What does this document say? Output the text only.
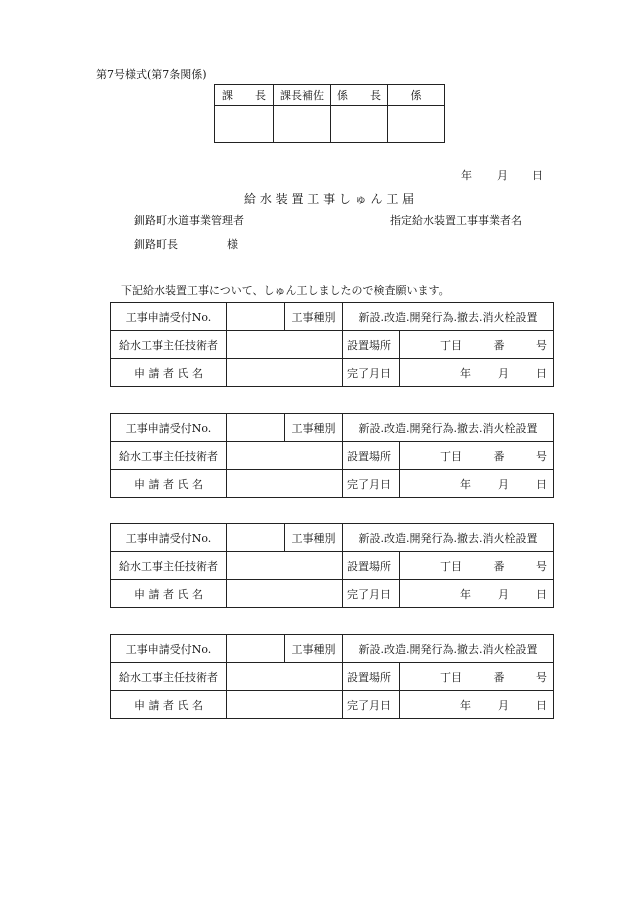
第7号様式(第7条関係)
課　　長	課長補佐	係　　長	係

年 月 日
給 水 装 置 工 事 し ゅ ん 工 届
釧路町水道事業管理者	指定給水装置工事事業者名
釧路町長	様
下記給水装置工事について、しゅん工しましたので検査願います。
工事申請受付No.		工事種別	新設.改造.開発行為.撤去.消火栓設置
給水工事主任技術者			設置場所 丁目 番 号

申 請 者 氏 名			完了月日 年 月 日
工事申請受付No.		工事種別	新設.改造.開発行為.撤去.消火栓設置
給水工事主任技術者			設置場所 丁目 番 号

申 請 者 氏 名			完了月日 年 月 日
工事申請受付No.		工事種別	新設.改造.開発行為.撤去.消火栓設置
給水工事主任技術者			設置場所 丁目 番 号

申 請 者 氏 名			完了月日 年 月 日
工事申請受付No.		工事種別	新設.改造.開発行為.撤去.消火栓設置
給水工事主任技術者			設置場所 丁目 番 号

申 請 者 氏 名			完了月日 年 月 日
